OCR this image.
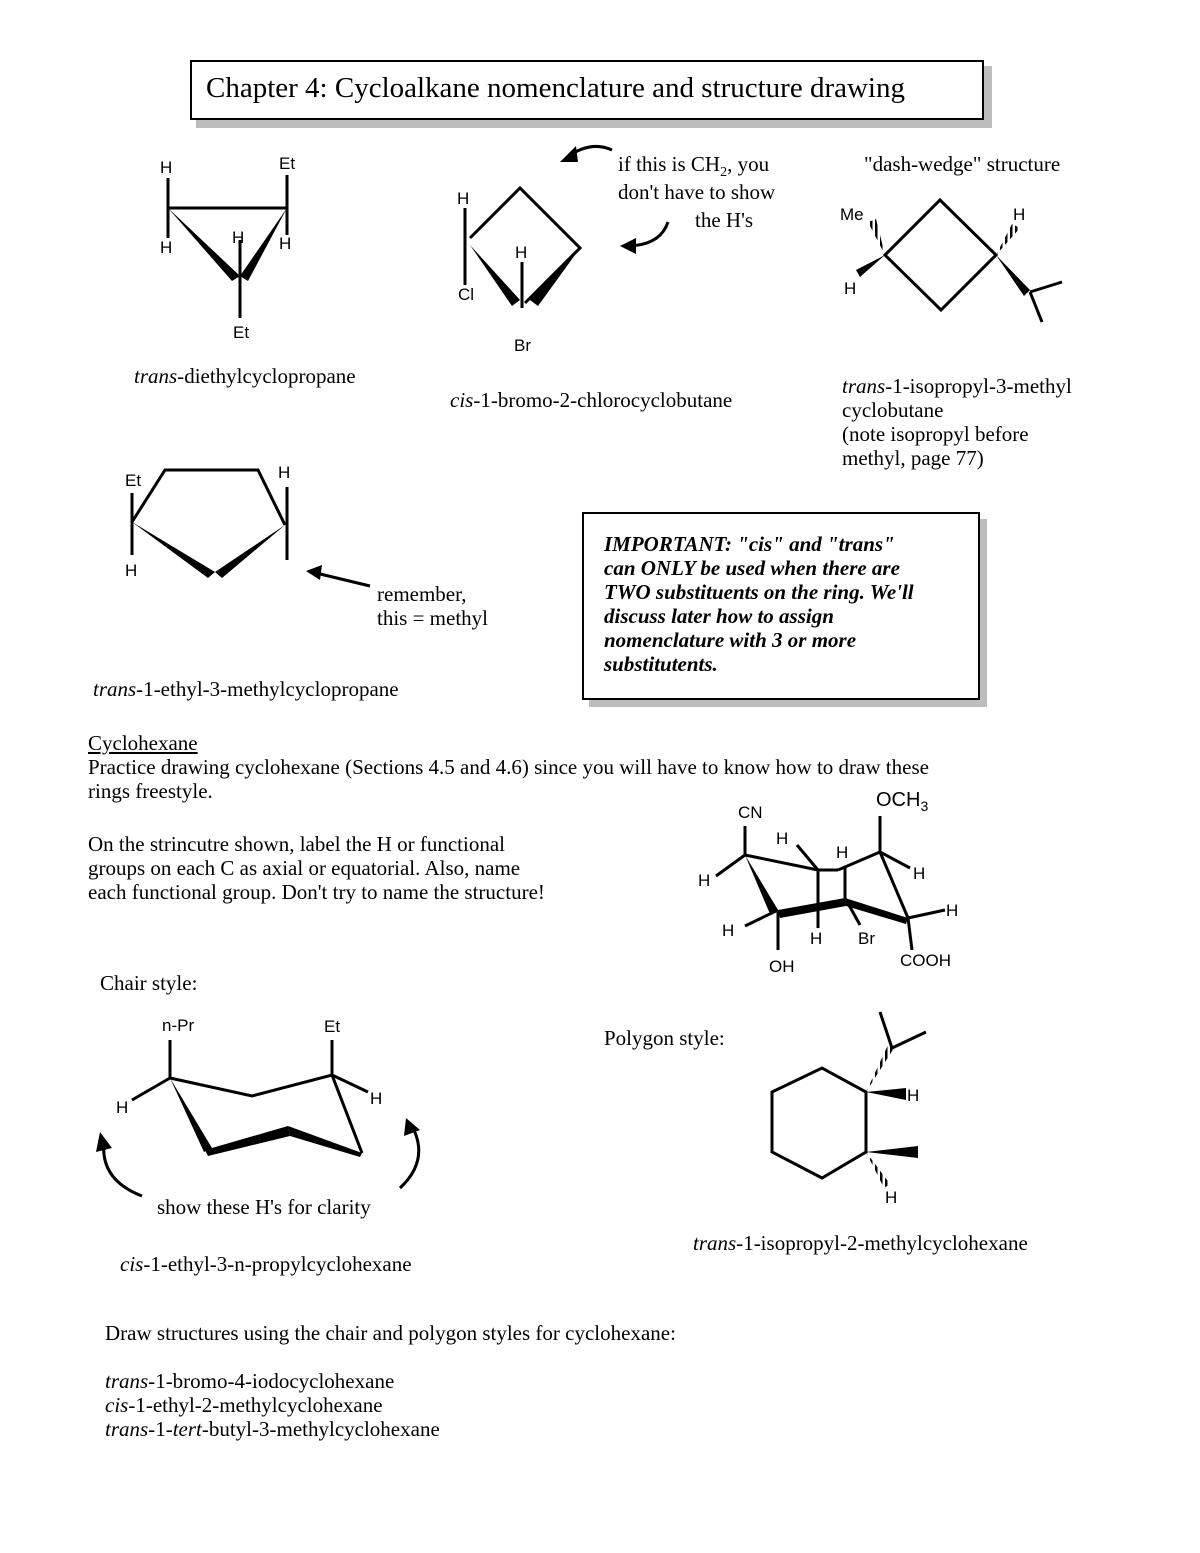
Chapter 4: Cycloalkane nomenclature and structure drawing
H	Et
H
H H
Et
trans-diethylcyclopropane
H
Cl
H
Br
if this is $CH_2$, you
don't have to show
the H's
cis-1-bromo-2-chlorocyclobutane
"dash-wedge" structure
Me
H
H
trans-1-isopropyl-3-methyl
cyclobutane
(note isopropyl before
methyl, page 77)
Et
H
H
remember,
this = methyl
trans-1-ethyl-3-methylcyclopropane
IMPORTANT: "cis" and "trans"
can ONLY be used when there are
TWO substituents on the ring. We'll
discuss later how to assign
nomenclature with 3 or more
substitutents.
Cyclohexane
Practice drawing cyclohexane (Sections 4.5 and 4.6) since you will have to know how to draw these
rings freestyle.
On the strincutre shown, label the H or functional
groups on each C as axial or equatorial. Also, name
each functional group. Don't try to name the structure!
CN
$OCH_3$
H
H
H	H
H
H	H Br
OH	COOH
Chair style:
n-Pr	Et
H	H
show these H's for clarity
cis-1-ethyl-3-n-propylcyclohexane
Polygon style:
H
H
trans-1-isopropyl-2-methylcyclohexane
Draw structures using the chair and polygon styles for cyclohexane:
trans-1-bromo-4-iodocyclohexane
cis-1-ethyl-2-methylcyclohexane
trans-1-tert-butyl-3-methylcyclohexane
